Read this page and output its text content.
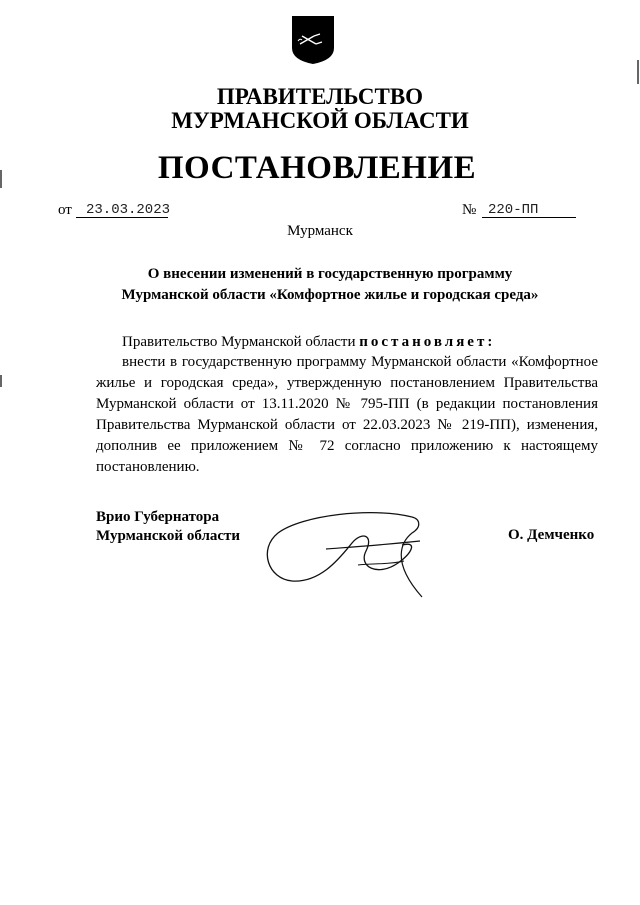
ПРАВИТЕЛЬСТВО
МУРМАНСКОЙ ОБЛАСТИ
ПОСТАНОВЛЕНИЕ
от 23.03.2023	№ 220-ПП
Мурманск
О внесении изменений в государственную программу
Мурманской области «Комфортное жилье и городская среда»
Правительство Мурманской области постановляет:
внести в государственную программу Мурманской области «Комфортное жилье и городская среда», утвержденную постановлением Правительства Мурманской области от 13.11.2020 № 795-ПП (в редакции постановления Правительства Мурманской области от 22.03.2023 № 219-ПП), изменения, дополнив ее приложением № 72 согласно приложению к настоящему постановлению.
Врио Губернатора
Мурманской области	О. Демченко
